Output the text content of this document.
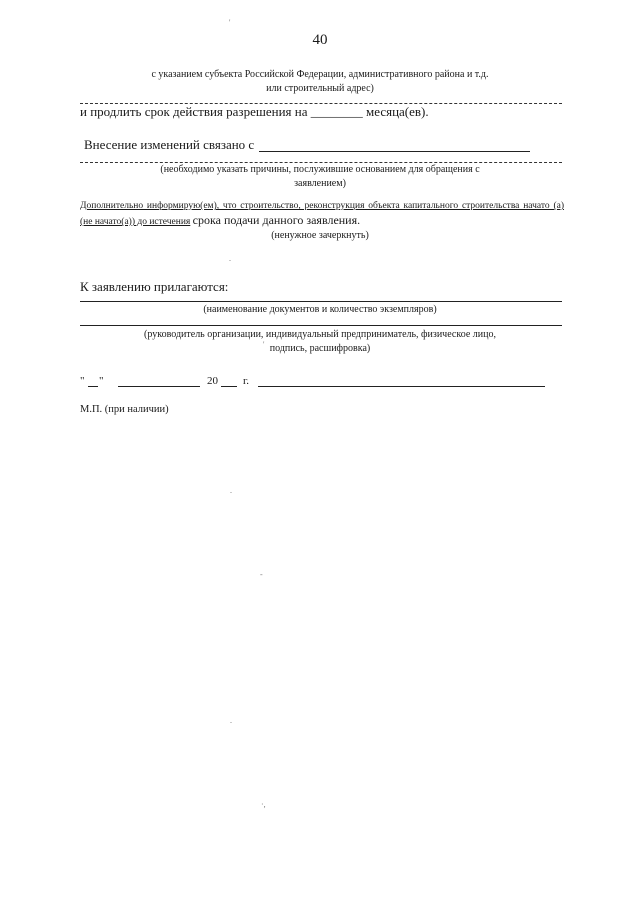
40
с указанием субъекта Российской Федерации, административного района и т.д.
или строительный адрес)
и продлить срок действия разрешения на ________ месяца(ев).
Внесение изменений связано с
(необходимо указать причины, послужившие основанием для обращения с
заявлением)
Дополнительно информирую(ем), что строительство, реконструкция объекта капитального строительства начато (а) (не начато(а)) до истечения срока подачи данного заявления.
(ненужное зачеркнуть)
К заявлению прилагаются:
(наименование документов и количество экземпляров)
(руководитель организации, индивидуальный предприниматель, физическое лицо,
подпись, расшифровка)
" "	20 г.
М.П. (при наличии)
'
.
'
.
-
.
·,
